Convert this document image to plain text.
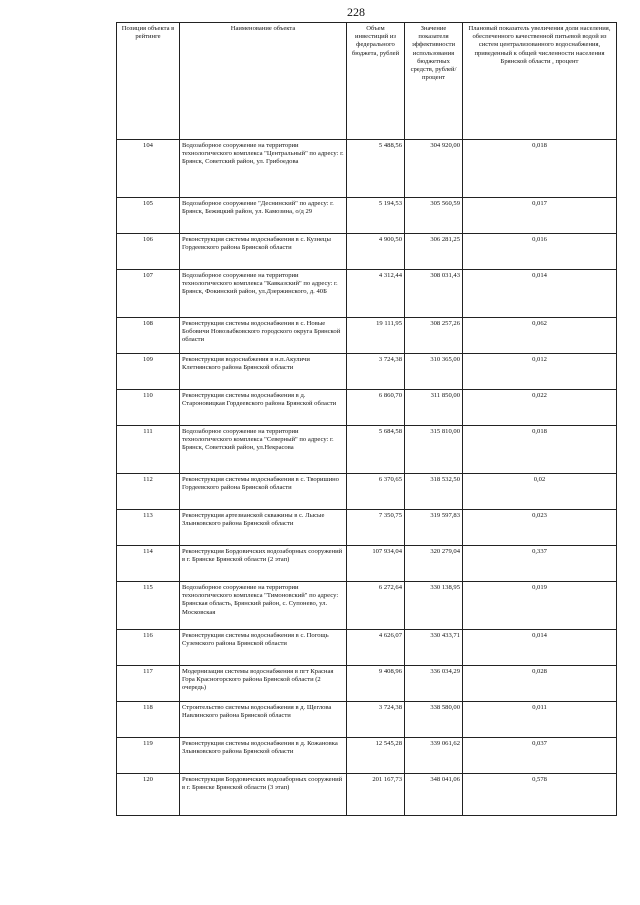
228
Позиция объекта в рейтинге	Наименование объекта	Объем инвестиций из федерального бюджета, рублей	Значение показателя эффективности использования бюджетных средств, рублей/процент	Плановый показатель увеличения доли населения, обеспеченного качественной питьевой водой из систем централизованного водоснабжения, приведенный к общей численности населения Брянской области , процент
104	Водозаборное сооружение на территории технологического комплекса "Центральный" по адресу: г. Брянск, Советский район, ул. Грибоедова	5 488,56	304 920,00	0,018
105	Водозаборное сооружение "Деснинский" по адресу: г. Брянск, Бежицкий район, ул. Камозина, о/д 29	5 194,53	305 560,59	0,017
106	Реконструкция системы водоснабжения в с. Кузнецы Гордеевского района Брянской области	4 900,50	306 281,25	0,016
107	Водозаборное сооружение на территории технологического комплекса "Кавказский" по адресу: г. Брянск, Фокинский район, ул.Дзержинского, д. 40Б	4 312,44	308 031,43	0,014
108	Реконструкция системы водоснабжения в с. Новые Бобовичи Новозыбковского городского округа Брянской области	19 111,95	308 257,26	0,062
109	Реконструкция водоснабжения в н.п.Акуличи Клетнянского района Брянской области	3 724,38	310 365,00	0,012
110	Реконструкция системы водоснабжения в д. Староновицкая Гордеевского района Брянской области	6 860,70	311 850,00	0,022
111	Водозаборное сооружение на территории технологического комплекса "Северный" по адресу: г. Брянск, Советский район, ул.Некрасова	5 684,58	315 810,00	0,018
112	Реконструкция системы водоснабжения в с. Творишино Гордеевского района Брянской области	6 370,65	318 532,50	0,02
113	Реконструкция артезианской скважины в с. Лысые Злынковского района Брянской области	7 350,75	319 597,83	0,023
114	Реконструкция Бордовичских водозаборных сооружений в г. Брянске Брянской области (2 этап)	107 934,04	320 279,04	0,337
115	Водозаборное сооружение на территории технологического комплекса "Тимоновский" по адресу: Брянская область, Брянский район, с. Супонево, ул. Московская	6 272,64	330 138,95	0,019
116	Реконструкция системы водоснабжения в с. Погощь Суземского района Брянской области	4 626,07	330 433,71	0,014
117	Модернизация системы водоснабжения в пгт Красная Гора Красногорского района Брянской области (2 очередь)	9 408,96	336 034,29	0,028
118	Строительство системы водоснабжения в д. Щеглова Навлинского района Брянской области	3 724,38	338 580,00	0,011
119	Реконструкция системы водоснабжения в д. Кожановка Злынковского района Брянской области	12 545,28	339 061,62	0,037
120	Реконструкция Бордовичских водозаборных сооружений в г. Брянске Брянской области (3 этап)	201 167,73	348 041,06	0,578
